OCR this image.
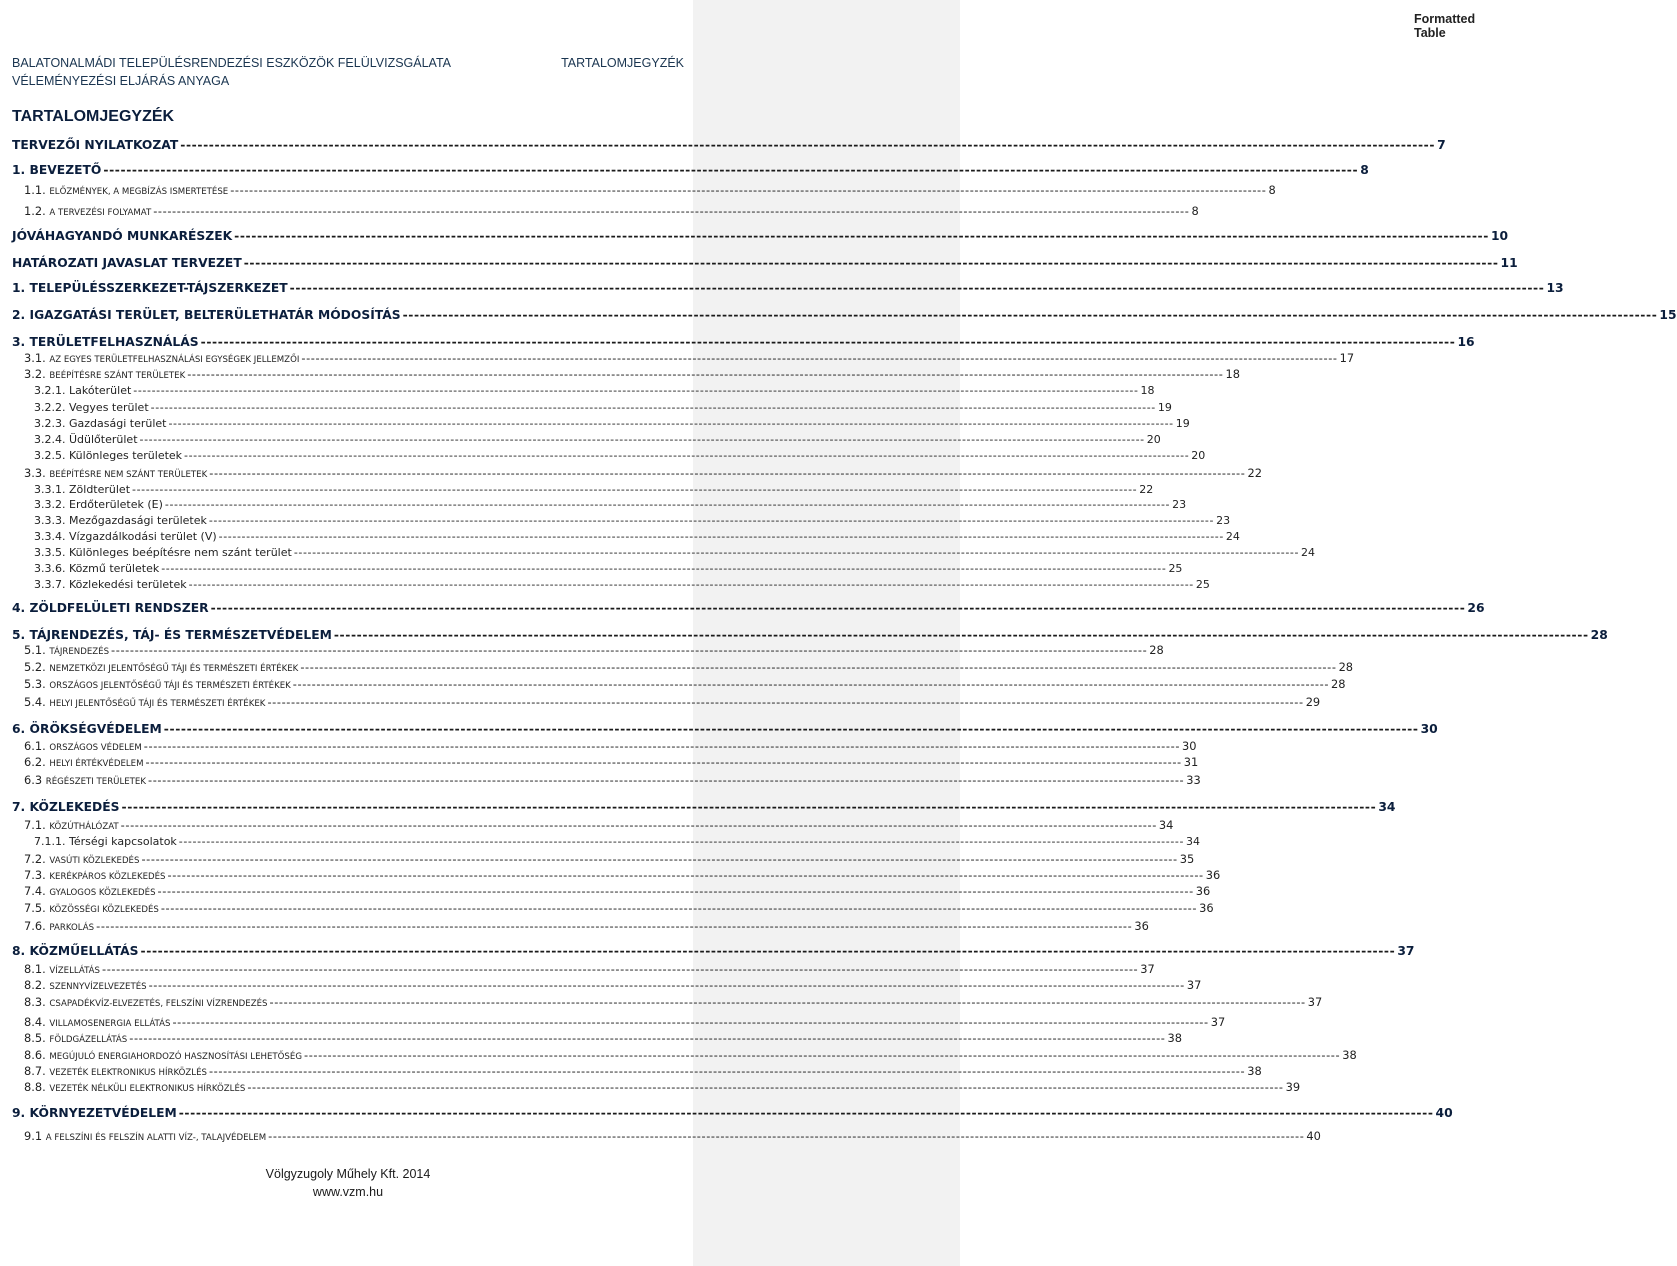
Formatted Table
BALATONALMÁDI TELEPÜLÉSRENDEZÉSI ESZKÖZÖK FELÜLVIZSGÁLATA	TARTALOMJEGYZÉK
VÉLEMÉNYEZÉSI ELJÁRÁS ANYAGA
TARTALOMJEGYZÉK
TERVEZŐI NYILATKOZAT ---------------------------------------------------------------------------------------------------------------------------------------------------------------------------------------------------------------------------- 7
1. BEVEZETŐ ---------------------------------------------------------------------------------------------------------------------------------------------------------------------------------------------------------------------------- 8
1.1. ELŐZMÉNYEK, A MEGBÍZÁS ISMERTETÉSE ---------------------------------------------------------------------------------------------------------------------------------------------------------------------------------------------------------------------------- 8
1.2. A TERVEZÉSI FOLYAMAT ---------------------------------------------------------------------------------------------------------------------------------------------------------------------------------------------------------------------------- 8
JÓVÁHAGYANDÓ MUNKARÉSZEK ---------------------------------------------------------------------------------------------------------------------------------------------------------------------------------------------------------------------------- 10
HATÁROZATI JAVASLAT TERVEZET ---------------------------------------------------------------------------------------------------------------------------------------------------------------------------------------------------------------------------- 11
1. TELEPÜLÉSSZERKEZET-TÁJSZERKEZET ---------------------------------------------------------------------------------------------------------------------------------------------------------------------------------------------------------------------------- 13
2. IGAZGATÁSI TERÜLET, BELTERÜLETHATÁR MÓDOSÍTÁS ---------------------------------------------------------------------------------------------------------------------------------------------------------------------------------------------------------------------------- 15
3. TERÜLETFELHASZNÁLÁS ---------------------------------------------------------------------------------------------------------------------------------------------------------------------------------------------------------------------------- 16
3.1. AZ EGYES TERÜLETFELHASZNÁLÁSI EGYSÉGEK JELLEMZŐI ---------------------------------------------------------------------------------------------------------------------------------------------------------------------------------------------------------------------------- 17
3.2. BEÉPÍTÉSRE SZÁNT TERÜLETEK ---------------------------------------------------------------------------------------------------------------------------------------------------------------------------------------------------------------------------- 18
3.2.1. Lakóterület ---------------------------------------------------------------------------------------------------------------------------------------------------------------------------------------------------------------------------- 18
3.2.2. Vegyes terület ---------------------------------------------------------------------------------------------------------------------------------------------------------------------------------------------------------------------------- 19
3.2.3. Gazdasági terület ---------------------------------------------------------------------------------------------------------------------------------------------------------------------------------------------------------------------------- 19
3.2.4. Üdülőterület ---------------------------------------------------------------------------------------------------------------------------------------------------------------------------------------------------------------------------- 20
3.2.5. Különleges területek ---------------------------------------------------------------------------------------------------------------------------------------------------------------------------------------------------------------------------- 20
3.3. BEÉPÍTÉSRE NEM SZÁNT TERÜLETEK ---------------------------------------------------------------------------------------------------------------------------------------------------------------------------------------------------------------------------- 22
3.3.1. Zöldterület ---------------------------------------------------------------------------------------------------------------------------------------------------------------------------------------------------------------------------- 22
3.3.2. Erdőterületek (E) ---------------------------------------------------------------------------------------------------------------------------------------------------------------------------------------------------------------------------- 23
3.3.3. Mezőgazdasági területek ---------------------------------------------------------------------------------------------------------------------------------------------------------------------------------------------------------------------------- 23
3.3.4. Vízgazdálkodási terület (V) ---------------------------------------------------------------------------------------------------------------------------------------------------------------------------------------------------------------------------- 24
3.3.5. Különleges beépítésre nem szánt terület ---------------------------------------------------------------------------------------------------------------------------------------------------------------------------------------------------------------------------- 24
3.3.6. Közmű területek ---------------------------------------------------------------------------------------------------------------------------------------------------------------------------------------------------------------------------- 25
3.3.7. Közlekedési területek ---------------------------------------------------------------------------------------------------------------------------------------------------------------------------------------------------------------------------- 25
4. ZÖLDFELÜLETI RENDSZER ---------------------------------------------------------------------------------------------------------------------------------------------------------------------------------------------------------------------------- 26
5. TÁJRENDEZÉS, TÁJ- ÉS TERMÉSZETVÉDELEM ---------------------------------------------------------------------------------------------------------------------------------------------------------------------------------------------------------------------------- 28
5.1. TÁJRENDEZÉS ---------------------------------------------------------------------------------------------------------------------------------------------------------------------------------------------------------------------------- 28
5.2. NEMZETKÖZI JELENTŐSÉGŰ TÁJI ÉS TERMÉSZETI ÉRTÉKEK ---------------------------------------------------------------------------------------------------------------------------------------------------------------------------------------------------------------------------- 28
5.3. ORSZÁGOS JELENTŐSÉGŰ TÁJI ÉS TERMÉSZETI ÉRTÉKEK ---------------------------------------------------------------------------------------------------------------------------------------------------------------------------------------------------------------------------- 28
5.4. HELYI JELENTŐSÉGŰ TÁJI ÉS TERMÉSZETI ÉRTÉKEK ---------------------------------------------------------------------------------------------------------------------------------------------------------------------------------------------------------------------------- 29
6. ÖRÖKSÉGVÉDELEM ---------------------------------------------------------------------------------------------------------------------------------------------------------------------------------------------------------------------------- 30
6.1. ORSZÁGOS VÉDELEM ---------------------------------------------------------------------------------------------------------------------------------------------------------------------------------------------------------------------------- 30
6.2. HELYI ÉRTÉKVÉDELEM ---------------------------------------------------------------------------------------------------------------------------------------------------------------------------------------------------------------------------- 31
6.3 RÉGÉSZETI TERÜLETEK ---------------------------------------------------------------------------------------------------------------------------------------------------------------------------------------------------------------------------- 33
7. KÖZLEKEDÉS ---------------------------------------------------------------------------------------------------------------------------------------------------------------------------------------------------------------------------- 34
7.1. KÖZÚTHÁLÓZAT ---------------------------------------------------------------------------------------------------------------------------------------------------------------------------------------------------------------------------- 34
7.1.1. Térségi kapcsolatok ---------------------------------------------------------------------------------------------------------------------------------------------------------------------------------------------------------------------------- 34
7.2. VASÚTI KÖZLEKEDÉS ---------------------------------------------------------------------------------------------------------------------------------------------------------------------------------------------------------------------------- 35
7.3. KERÉKPÁROS KÖZLEKEDÉS ---------------------------------------------------------------------------------------------------------------------------------------------------------------------------------------------------------------------------- 36
7.4. GYALOGOS KÖZLEKEDÉS ---------------------------------------------------------------------------------------------------------------------------------------------------------------------------------------------------------------------------- 36
7.5. KÖZÖSSÉGI KÖZLEKEDÉS ---------------------------------------------------------------------------------------------------------------------------------------------------------------------------------------------------------------------------- 36
7.6. PARKOLÁS ---------------------------------------------------------------------------------------------------------------------------------------------------------------------------------------------------------------------------- 36
8. KÖZMŰELLÁTÁS ---------------------------------------------------------------------------------------------------------------------------------------------------------------------------------------------------------------------------- 37
8.1. VÍZELLÁTÁS ---------------------------------------------------------------------------------------------------------------------------------------------------------------------------------------------------------------------------- 37
8.2. SZENNYVÍZELVEZETÉS ---------------------------------------------------------------------------------------------------------------------------------------------------------------------------------------------------------------------------- 37
8.3. CSAPADÉKVÍZ-ELVEZETÉS, FELSZÍNI VÍZRENDEZÉS ---------------------------------------------------------------------------------------------------------------------------------------------------------------------------------------------------------------------------- 37
8.4. VILLAMOSENERGIA ELLÁTÁS ---------------------------------------------------------------------------------------------------------------------------------------------------------------------------------------------------------------------------- 37
8.5. FÖLDGÁZELLÁTÁS ---------------------------------------------------------------------------------------------------------------------------------------------------------------------------------------------------------------------------- 38
8.6. MEGÚJULÓ ENERGIAHORDOZÓ HASZNOSÍTÁSI LEHETŐSÉG ---------------------------------------------------------------------------------------------------------------------------------------------------------------------------------------------------------------------------- 38
8.7. VEZETÉK ELEKTRONIKUS HÍRKÖZLÉS ---------------------------------------------------------------------------------------------------------------------------------------------------------------------------------------------------------------------------- 38
8.8. VEZETÉK NÉLKÜLI ELEKTRONIKUS HÍRKÖZLÉS ---------------------------------------------------------------------------------------------------------------------------------------------------------------------------------------------------------------------------- 39
9. KÖRNYEZETVÉDELEM ---------------------------------------------------------------------------------------------------------------------------------------------------------------------------------------------------------------------------- 40
9.1 A FELSZÍNI ÉS FELSZÍN ALATTI VÍZ-, TALAJVÉDELEM ---------------------------------------------------------------------------------------------------------------------------------------------------------------------------------------------------------------------------- 40
Völgyzugoly Műhely Kft. 2014
www.vzm.hu
